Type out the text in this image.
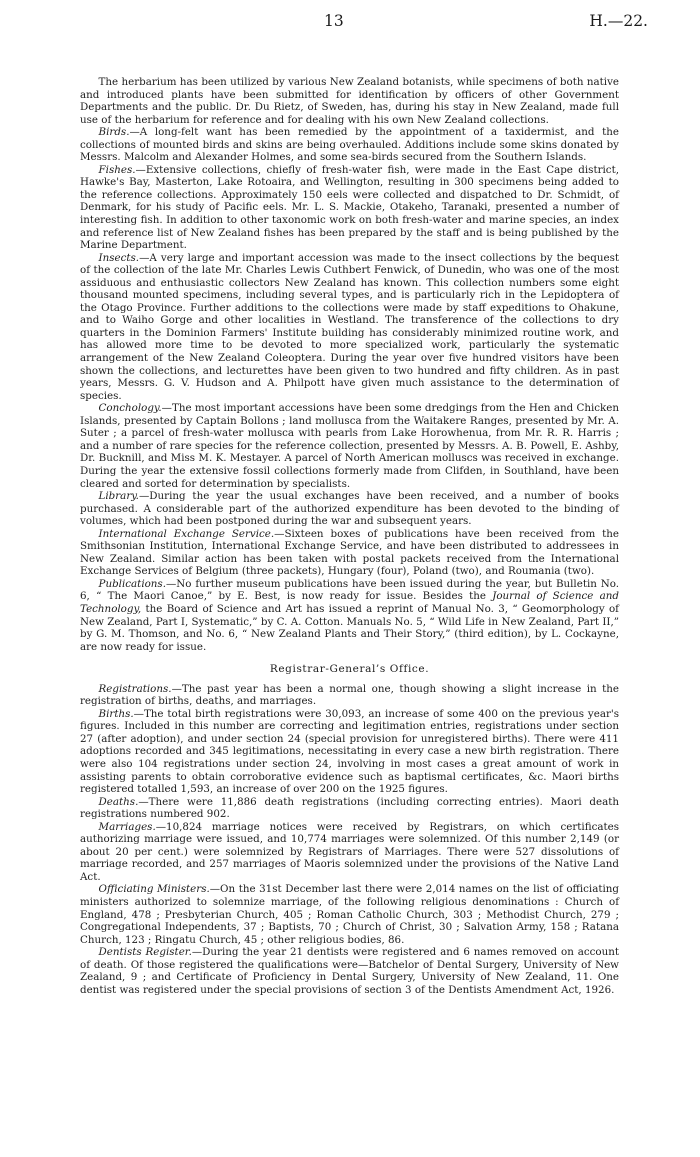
13	H.—22.

The herbarium has been utilized by various New Zealand botanists, while specimens of both native and introduced plants have been submitted for identification by officers of other Government Departments and the public. Dr. Du Rietz, of Sweden, has, during his stay in New Zealand, made full use of the herbarium for reference and for dealing with his own New Zealand collections.

Birds.—A long-felt want has been remedied by the appointment of a taxidermist, and the collections of mounted birds and skins are being overhauled. Additions include some skins donated by Messrs. Malcolm and Alexander Holmes, and some sea-birds secured from the Southern Islands.

Fishes.—Extensive collections, chiefly of fresh-water fish, were made in the East Cape district, Hawke's Bay, Masterton, Lake Rotoaira, and Wellington, resulting in 300 specimens being added to the reference collections. Approximately 150 eels were collected and dispatched to Dr. Schmidt, of Denmark, for his study of Pacific eels. Mr. L. S. Mackie, Otakeho, Taranaki, presented a number of interesting fish. In addition to other taxonomic work on both fresh-water and marine species, an index and reference list of New Zealand fishes has been prepared by the staff and is being published by the Marine Department.

Insects.—A very large and important accession was made to the insect collections by the bequest of the collection of the late Mr. Charles Lewis Cuthbert Fenwick, of Dunedin, who was one of the most assiduous and enthusiastic collectors New Zealand has known. This collection numbers some eight thousand mounted specimens, including several types, and is particularly rich in the Lepidoptera of the Otago Province. Further additions to the collections were made by staff expeditions to Ohakune, and to Waiho Gorge and other localities in Westland. The transference of the collections to dry quarters in the Dominion Farmers' Institute building has considerably minimized routine work, and has allowed more time to be devoted to more specialized work, particularly the systematic arrangement of the New Zealand Coleoptera. During the year over five hundred visitors have been shown the collections, and lecturettes have been given to two hundred and fifty children. As in past years, Messrs. G. V. Hudson and A. Philpott have given much assistance to the determination of species.

Conchology.—The most important accessions have been some dredgings from the Hen and Chicken Islands, presented by Captain Bollons ; land mollusca from the Waitakere Ranges, presented by Mr. A. Suter ; a parcel of fresh-water mollusca with pearls from Lake Horowhenua, from Mr. R. R. Harris ; and a number of rare species for the reference collection, presented by Messrs. A. B. Powell, E. Ashby, Dr. Bucknill, and Miss M. K. Mestayer. A parcel of North American molluscs was received in exchange. During the year the extensive fossil collections formerly made from Clifden, in Southland, have been cleared and sorted for determination by specialists.

Library.—During the year the usual exchanges have been received, and a number of books purchased. A considerable part of the authorized expenditure has been devoted to the binding of volumes, which had been postponed during the war and subsequent years.

International Exchange Service.—Sixteen boxes of publications have been received from the Smithsonian Institution, International Exchange Service, and have been distributed to addressees in New Zealand. Similar action has been taken with postal packets received from the International Exchange Services of Belgium (three packets), Hungary (four), Poland (two), and Roumania (two).

Publications.—No further museum publications have been issued during the year, but Bulletin No. 6, “ The Maori Canoe,” by E. Best, is now ready for issue. Besides the Journal of Science and Technology, the Board of Science and Art has issued a reprint of Manual No. 3, “ Geomorphology of New Zealand, Part I, Systematic,” by C. A. Cotton. Manuals No. 5, “ Wild Life in New Zealand, Part II,” by G. M. Thomson, and No. 6, “ New Zealand Plants and Their Story,” (third edition), by L. Cockayne, are now ready for issue.

Registrar-General’s Office.

Registrations.—The past year has been a normal one, though showing a slight increase in the registration of births, deaths, and marriages.

Births.—The total birth registrations were 30,093, an increase of some 400 on the previous year's figures. Included in this number are correcting and legitimation entries, registrations under section 27 (after adoption), and under section 24 (special provision for unregistered births). There were 411 adoptions recorded and 345 legitimations, necessitating in every case a new birth registration. There were also 104 registrations under section 24, involving in most cases a great amount of work in assisting parents to obtain corroborative evidence such as baptismal certificates, &c. Maori births registered totalled 1,593, an increase of over 200 on the 1925 figures.

Deaths.—There were 11,886 death registrations (including correcting entries). Maori death registrations numbered 902.

Marriages.—10,824 marriage notices were received by Registrars, on which certificates authorizing marriage were issued, and 10,774 marriages were solemnized. Of this number 2,149 (or about 20 per cent.) were solemnized by Registrars of Marriages. There were 527 dissolutions of marriage recorded, and 257 marriages of Maoris solemnized under the provisions of the Native Land Act.

Officiating Ministers.—On the 31st December last there were 2,014 names on the list of officiating ministers authorized to solemnize marriage, of the following religious denominations : Church of England, 478 ; Presbyterian Church, 405 ; Roman Catholic Church, 303 ; Methodist Church, 279 ; Congregational Independents, 37 ; Baptists, 70 ; Church of Christ, 30 ; Salvation Army, 158 ; Ratana Church, 123 ; Ringatu Church, 45 ; other religious bodies, 86.

Dentists Register.—During the year 21 dentists were registered and 6 names removed on account of death. Of those registered the qualifications were—Batchelor of Dental Surgery, University of New Zealand, 9 ; and Certificate of Proficiency in Dental Surgery, University of New Zealand, 11. One dentist was registered under the special provisions of section 3 of the Dentists Amendment Act, 1926.
